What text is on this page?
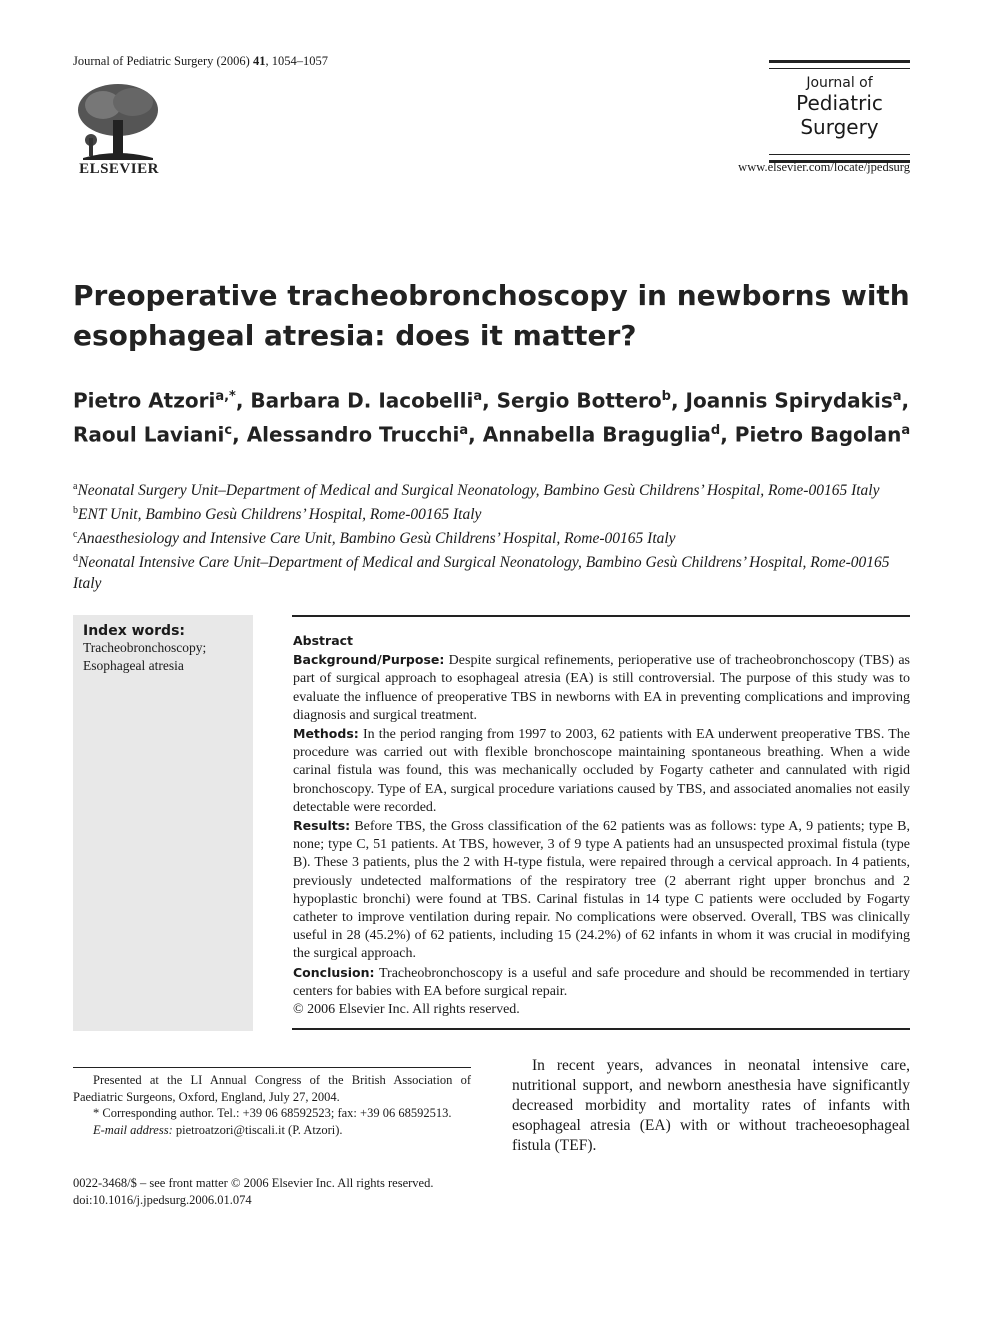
Journal of Pediatric Surgery (2006) 41, 1054–1057
ELSEVIER
Journal of
Pediatric
Surgery
www.elsevier.com/locate/jpedsurg
Preoperative tracheobronchoscopy in newborns with esophageal atresia: does it matter?
Pietro Atzori$^{a,*}$, Barbara D. Iacobelli$^a$, Sergio Bottero$^b$, Joannis Spirydakis$^a$,
Raoul Laviani$^c$, Alessandro Trucchi$^a$, Annabella Braguglia$^d$, Pietro Bagolan$^a$
$^a$Neonatal Surgery Unit–Department of Medical and Surgical Neonatology, Bambino Gesù Childrens’ Hospital, Rome-00165 Italy
$^b$ENT Unit, Bambino Gesù Childrens’ Hospital, Rome-00165 Italy
$^c$Anaesthesiology and Intensive Care Unit, Bambino Gesù Childrens’ Hospital, Rome-00165 Italy
$^d$Neonatal Intensive Care Unit–Department of Medical and Surgical Neonatology, Bambino Gesù Childrens’ Hospital, Rome-00165 Italy
Index words:
Tracheobronchoscopy;
Esophageal atresia

Abstract

Background/Purpose: Despite surgical refinements, perioperative use of tracheobronchoscopy (TBS) as part of surgical approach to esophageal atresia (EA) is still controversial. The purpose of this study was to evaluate the influence of preoperative TBS in newborns with EA in preventing complications and improving diagnosis and surgical treatment.

Methods: In the period ranging from 1997 to 2003, 62 patients with EA underwent preoperative TBS. The procedure was carried out with flexible bronchoscope maintaining spontaneous breathing. When a wide carinal fistula was found, this was mechanically occluded by Fogarty catheter and cannulated with rigid bronchoscopy. Type of EA, surgical procedure variations caused by TBS, and associated anomalies not easily detectable were recorded.

Results: Before TBS, the Gross classification of the 62 patients was as follows: type A, 9 patients; type B, none; type C, 51 patients. At TBS, however, 3 of 9 type A patients had an unsuspected proximal fistula (type B). These 3 patients, plus the 2 with H-type fistula, were repaired through a cervical approach. In 4 patients, previously undetected malformations of the respiratory tree (2 aberrant right upper bronchus and 2 hypoplastic bronchi) were found at TBS. Carinal fistulas in 14 type C patients were occluded by Fogarty catheter to improve ventilation during repair. No complications were observed. Overall, TBS was clinically useful in 28 (45.2%) of 62 patients, including 15 (24.2%) of 62 infants in whom it was crucial in modifying the surgical approach.

Conclusion: Tracheobronchoscopy is a useful and safe procedure and should be recommended in tertiary centers for babies with EA before surgical repair.

© 2006 Elsevier Inc. All rights reserved.

Presented at the LI Annual Congress of the British Association of Paediatric Surgeons, Oxford, England, July 27, 2004.

* Corresponding author. Tel.: +39 06 68592523; fax: +39 06 68592513.

E-mail address: pietroatzori@tiscali.it (P. Atzori).

0022-3468/$ – see front matter © 2006 Elsevier Inc. All rights reserved.
doi:10.1016/j.jpedsurg.2006.01.074
In recent years, advances in neonatal intensive care, nutritional support, and newborn anesthesia have significantly decreased morbidity and mortality rates of infants with esophageal atresia (EA) with or without tracheoesophageal fistula (TEF).
